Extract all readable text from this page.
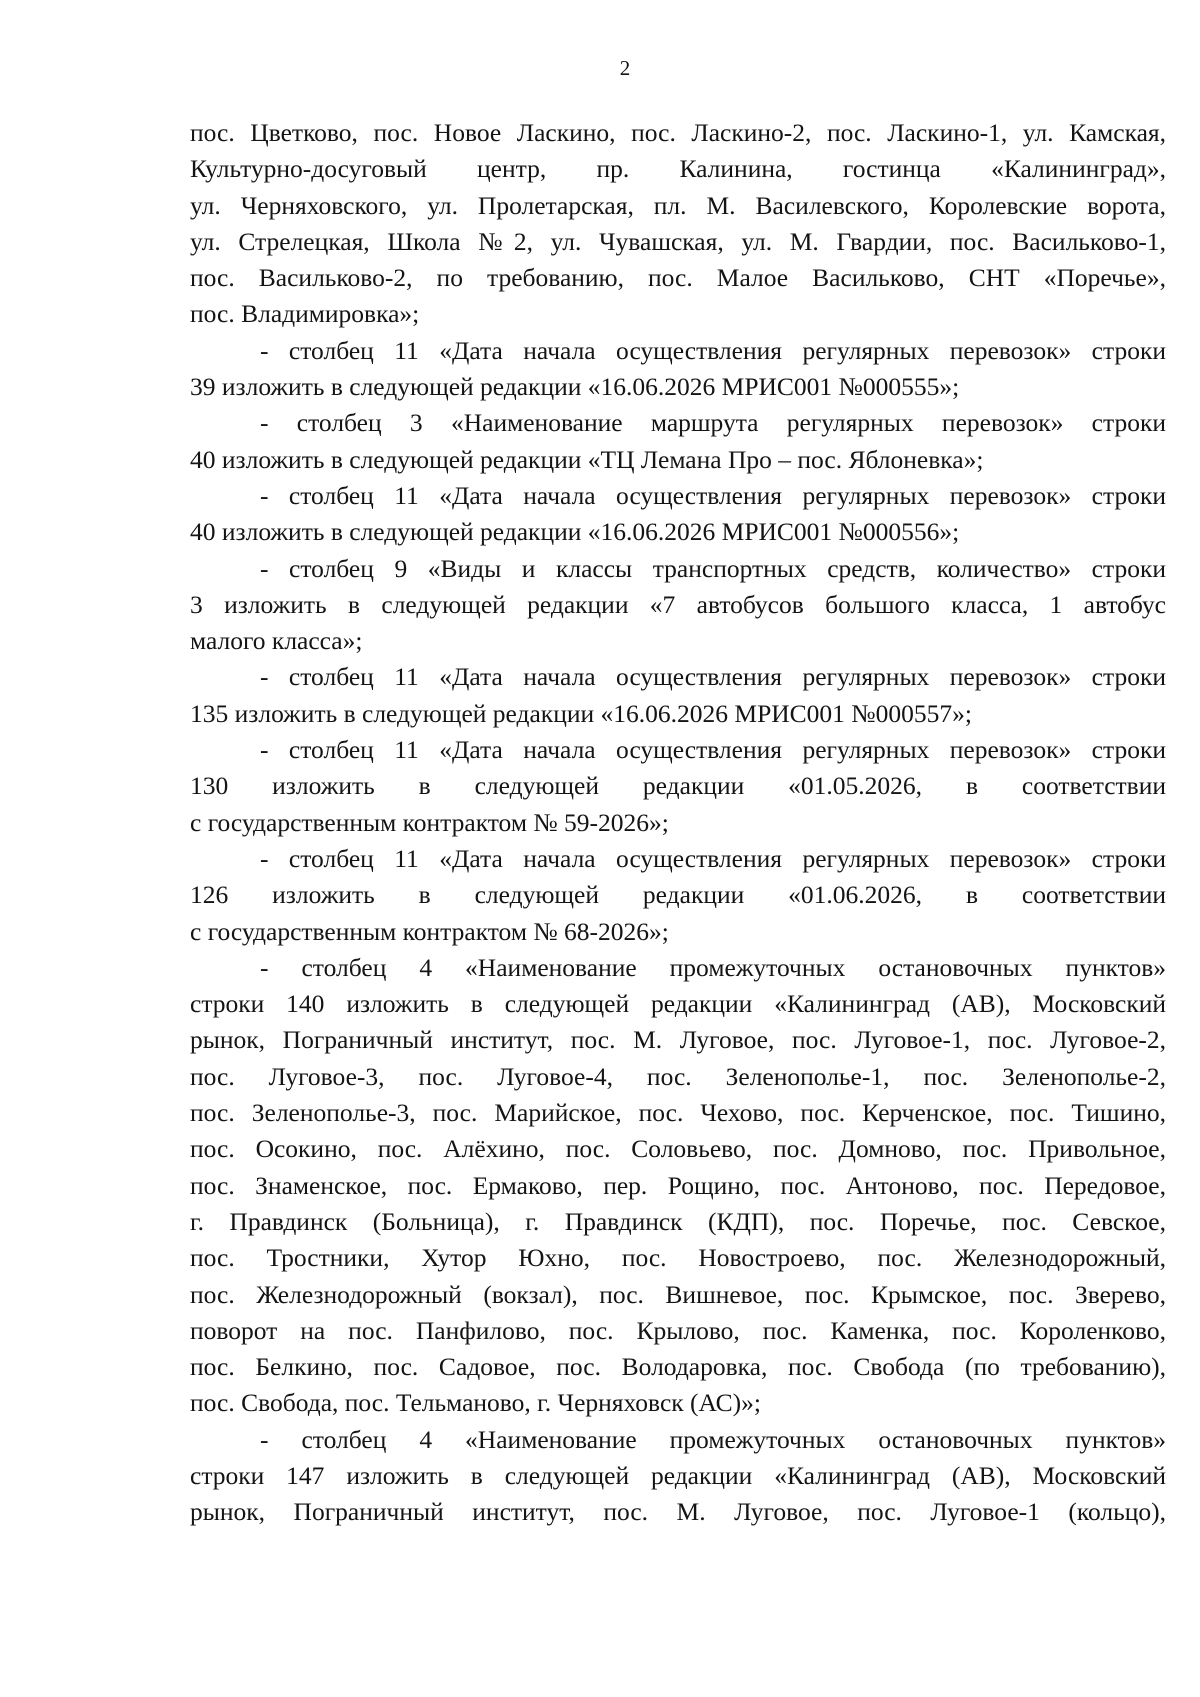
2
пос. Цветково, пос. Новое Ласкино, пос. Ласкино-2, пос. Ласкино-1, ул. Камская,
Культурно-досуговый центр, пр. Калинина, гостинца «Калининград»,
ул. Черняховского, ул. Пролетарская, пл. М. Василевского, Королевские ворота,
ул. Стрелецкая, Школа №2, ул. Чувашская, ул. М. Гвардии, пос. Васильково-1,
пос. Васильково-2, по требованию, пос. Малое Васильково, СНТ «Поречье»,
пос. Владимировка»;
- столбец 11 «Дата начала осуществления регулярных перевозок» строки
39 изложить в следующей редакции «16.06.2026 МРИС001 №000555»;
- столбец 3 «Наименование маршрута регулярных перевозок» строки
40 изложить в следующей редакции «ТЦ Лемана Про – пос. Яблоневка»;
- столбец 11 «Дата начала осуществления регулярных перевозок» строки
40 изложить в следующей редакции «16.06.2026 МРИС001 №000556»;
- столбец 9 «Виды и классы транспортных средств, количество» строки
3 изложить в следующей редакции «7 автобусов большого класса, 1 автобус
малого класса»;
- столбец 11 «Дата начала осуществления регулярных перевозок» строки
135 изложить в следующей редакции «16.06.2026 МРИС001 №000557»;
- столбец 11 «Дата начала осуществления регулярных перевозок» строки
130 изложить в следующей редакции «01.05.2026, в соответствии
с государственным контрактом № 59-2026»;
- столбец 11 «Дата начала осуществления регулярных перевозок» строки
126 изложить в следующей редакции «01.06.2026, в соответствии
с государственным контрактом № 68-2026»;
- столбец 4 «Наименование промежуточных остановочных пунктов»
строки 140 изложить в следующей редакции «Калининград (АВ), Московский
рынок, Пограничный институт, пос. М. Луговое, пос. Луговое-1, пос. Луговое-2,
пос. Луговое-3, пос. Луговое-4, пос. Зеленополье-1, пос. Зеленополье-2,
пос. Зеленополье-3, пос. Марийское, пос. Чехово, пос. Керченское, пос. Тишино,
пос. Осокино, пос. Алёхино, пос. Соловьево, пос. Домново, пос. Привольное,
пос. Знаменское, пос. Ермаково, пер. Рощино, пос. Антоново, пос. Передовое,
г. Правдинск (Больница), г. Правдинск (КДП), пос. Поречье, пос. Севское,
пос. Тростники, Хутор Юхно, пос. Новостроево, пос. Железнодорожный,
пос. Железнодорожный (вокзал), пос. Вишневое, пос. Крымское, пос. Зверево,
поворот на пос. Панфилово, пос. Крылово, пос. Каменка, пос. Короленково,
пос. Белкино, пос. Садовое, пос. Володаровка, пос. Свобода (по требованию),
пос. Свобода, пос. Тельманово, г. Черняховск (АС)»;
- столбец 4 «Наименование промежуточных остановочных пунктов»
строки 147 изложить в следующей редакции «Калининград (АВ), Московский
рынок, Пограничный институт, пос. М. Луговое, пос. Луговое-1 (кольцо),
